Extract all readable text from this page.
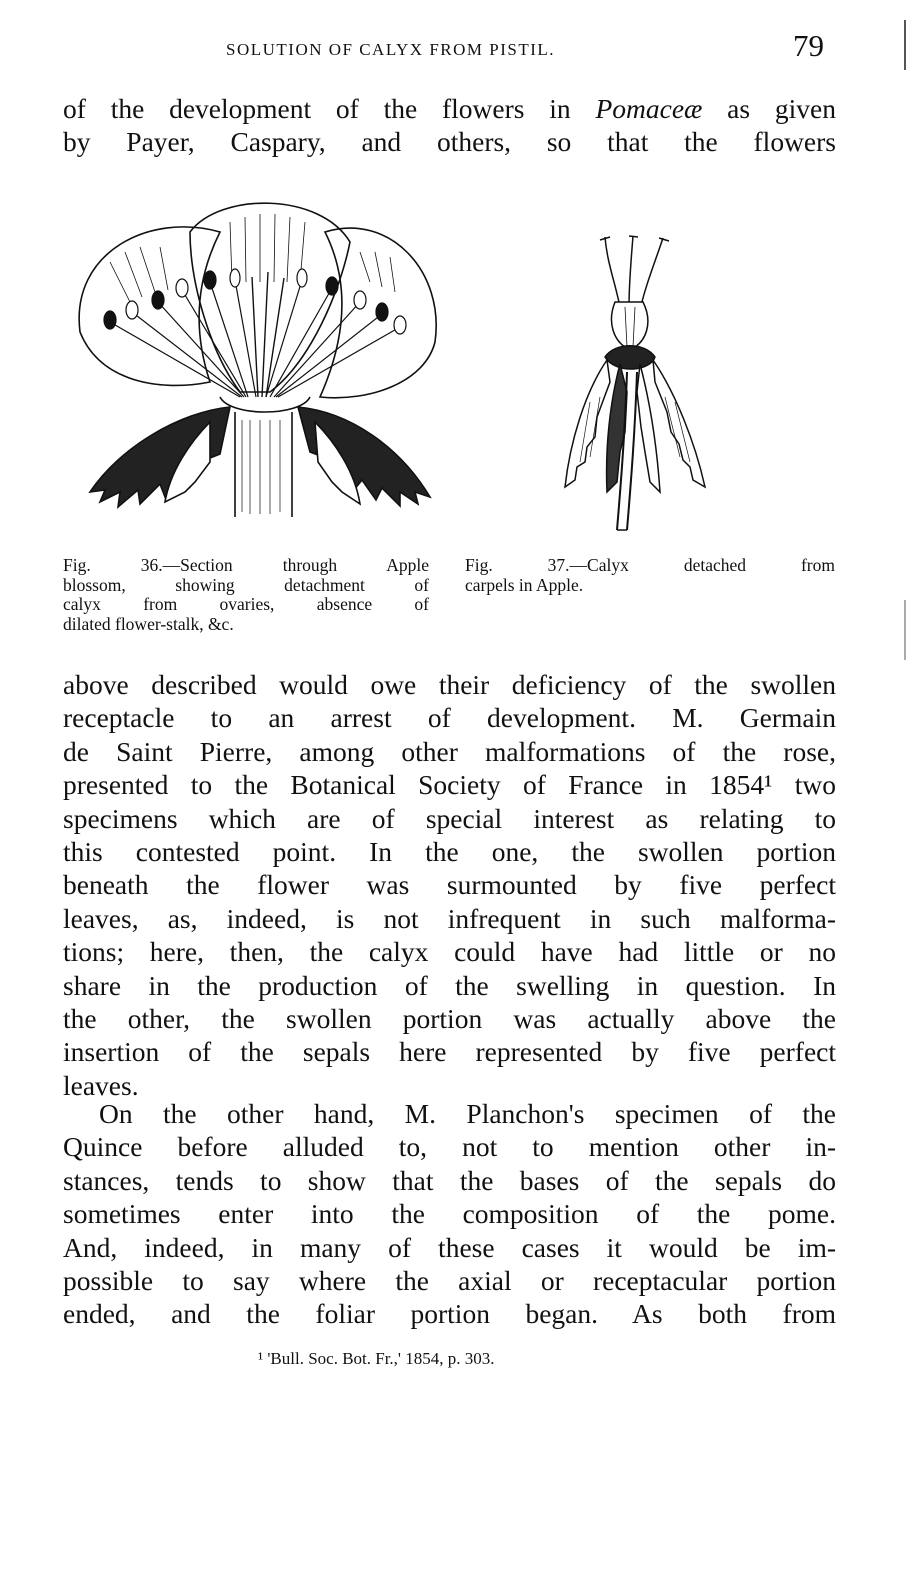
SOLUTION OF CALYX FROM PISTIL.	79
of the development of the flowers in Pomaceæ as given
by Payer, Caspary, and others, so that the flowers
Fig. 36.—Section through Apple
blossom, showing detachment of
calyx from ovaries, absence of
dilated flower-stalk, &c.
Fig. 37.—Calyx detached from
carpels in Apple.
above described would owe their deficiency of the swollen
receptacle to an arrest of development. M. Germain
de Saint Pierre, among other malformations of the rose,
presented to the Botanical Society of France in 1854¹ two
specimens which are of special interest as relating to
this contested point. In the one, the swollen portion
beneath the flower was surmounted by five perfect
leaves, as, indeed, is not infrequent in such malforma-
tions; here, then, the calyx could have had little or no
share in the production of the swelling in question. In
the other, the swollen portion was actually above the
insertion of the sepals here represented by five perfect
leaves.
On the other hand, M. Planchon's specimen of the
Quince before alluded to, not to mention other in-
stances, tends to show that the bases of the sepals do
sometimes enter into the composition of the pome.
And, indeed, in many of these cases it would be im-
possible to say where the axial or receptacular portion
ended, and the foliar portion began. As both from
¹ 'Bull. Soc. Bot. Fr.,' 1854, p. 303.
